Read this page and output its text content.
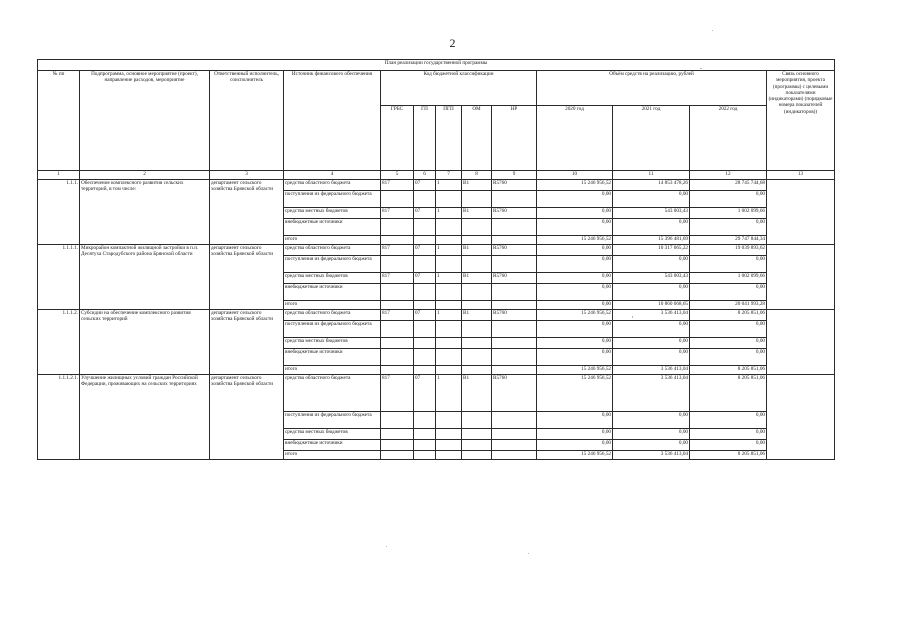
2
План реализации государственной программы												
№ пп	Подпрограмма, основное мероприятие (проект), направление расходов, мероприятие	Ответственный исполнитель, соисполнитель	Источник финансового обеспечения	Код бюджетной классификации					Объём средств на реализацию, рублей			Связь основного мероприятия, проекта (программы) с целевыми показателями (индикаторами) (порядковые номера показателей (индикаторов))
				ГРБС	ГП	ПГП	ОМ	НР	2020 год	2021 год	2022 год	
1	2	3	4	5	6	7	8	9	10	11	12	13
1.1.1.	Обеспечение комплексного развития сельских территорий, в том числе:	департамент сельского хозяйства Брянской области	средства областного бюджета	817	07	1	В1	R5760	15 246 956,52	14 853 478,26	28 745 744,68	
			поступления из федерального бюджета						0,00	0,00	0,00	
			средства местных бюджетов	817	07	1	В1	R5760	0,00	543 003,43	1 002 099,66	
			внебюджетные источники						0,00	0,00	0,00	
			итого						15 246 956,52	15 396 481,69	29 747 844,34	
1.1.1.1.	Микрорайон компактной жилищной застройки в п.п. Десятуха Стародубского района Брянской области	департамент сельского хозяйства Брянской области	средства областного бюджета	817	07	1	В1	R5760	0,00	10 317 065,22	19 039 893,62	
			поступления из федерального бюджета						0,00	0,00	0,00	
			средства местных бюджетов	817	07	1	В1	R5760	0,00	543 003,43	1 002 099,66	
			внебюджетные источники						0,00	0,00	0,00	
			итого						0,00	10 860 068,65	20 041 993,28	
1.1.1.2.	Субсидии на обеспечение комплексного развития сельских территорий	департамент сельского хозяйства Брянской области	средства областного бюджета	817	07	1	В1	R5760	15 246 956,52	3 536 413,04	8 205 851,06	
			поступления из федерального бюджета						0,00	0,00	0,00	
			средства местных бюджетов						0,00	0,00	0,00	
			внебюджетные источники						0,00	0,00	0,00	
			итого						15 246 956,52	3 536 413,04	8 205 851,06	
1.1.1.2.1.	Улучшение жилищных условий граждан Российской Федерации, проживающих на сельских территориях	департамент сельского хозяйства Брянской области	средства областного бюджета	817	07	1	В1	R5760	15 246 956,52	3 536 413,04	8 205 851,06	
			поступления из федерального бюджета						0,00	0,00	0,00	
			средства местных бюджетов						0,00	0,00	0,00	
			внебюджетные источники						0,00	0,00	0,00	
			итого						15 246 956,52	3 536 413,04	8 205 851,06	
